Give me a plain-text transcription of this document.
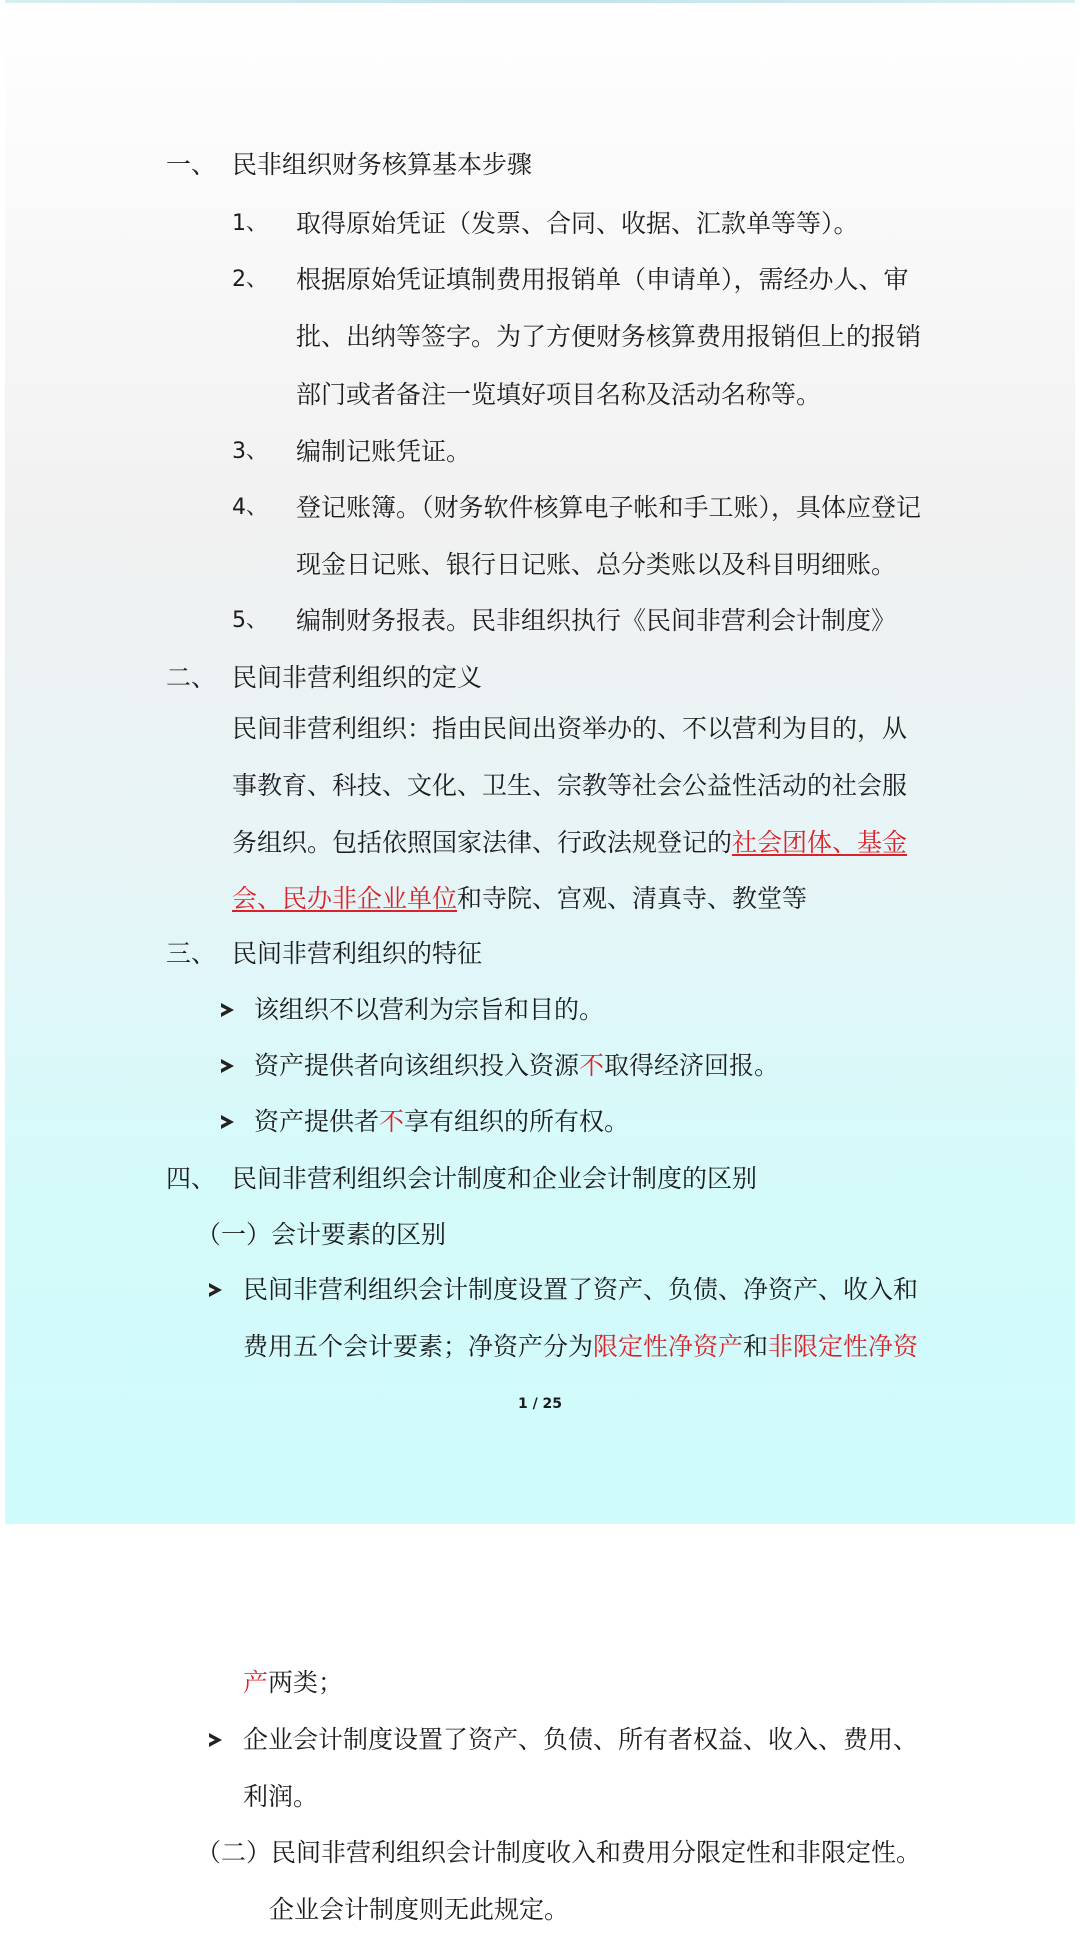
一、 民非组织财务核算基本步骤
1、 取得原始凭证（发票、合同、收据、汇款单等等）。
2、 根据原始凭证填制费用报销单（申请单），需经办人、审
批、出纳等签字。为了方便财务核算费用报销但上的报销
部门或者备注一览填好项目名称及活动名称等。
3、 编制记账凭证。
4、 登记账簿。（财务软件核算电子帐和手工账），具体应登记
现金日记账、银行日记账、总分类账以及科目明细账。
5、 编制财务报表。民非组织执行《民间非营利会计制度》
二、 民间非营利组织的定义
民间非营利组织：指由民间出资举办的、不以营利为目的，从
事教育、科技、文化、卫生、宗教等社会公益性活动的社会服
务组织。包括依照国家法律、行政法规登记的社会团体、基金
会、民办非企业单位和寺院、宫观、清真寺、教堂等
三、 民间非营利组织的特征
该组织不以营利为宗旨和目的。
资产提供者向该组织投入资源不取得经济回报。
资产提供者不享有组织的所有权。
四、 民间非营利组织会计制度和企业会计制度的区别
（一）会计要素的区别
民间非营利组织会计制度设置了资产、负债、净资产、收入和
费用五个会计要素；净资产分为限定性净资产和非限定性净资
1 / 25
产两类；
企业会计制度设置了资产、负债、所有者权益、收入、费用、
利润。
（二）民间非营利组织会计制度收入和费用分限定性和非限定性。
企业会计制度则无此规定。
